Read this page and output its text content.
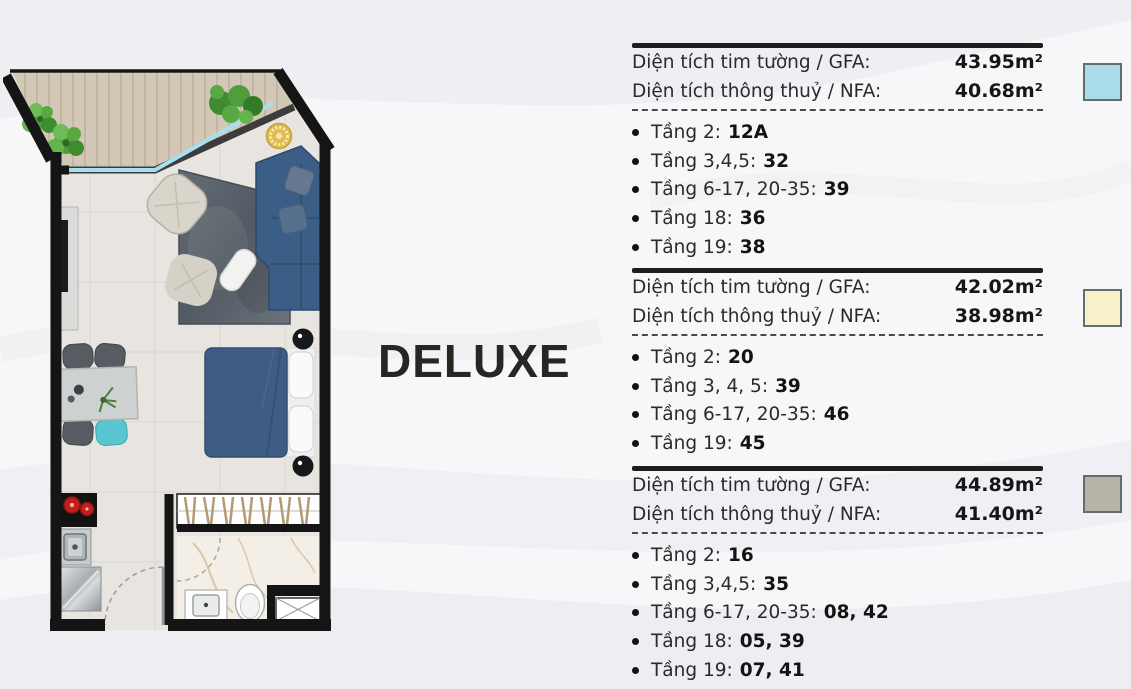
DELUXE
Diện tích tim tường / GFA:	43.95m²
Diện tích thông thuỷ / NFA:	40.68m²
Tầng 2: 12A
Tầng 3,4,5: 32
Tầng 6-17, 20-35: 39
Tầng 18: 36
Tầng 19: 38
Diện tích tim tường / GFA:	42.02m²
Diện tích thông thuỷ / NFA:	38.98m²
Tầng 2: 20
Tầng 3, 4, 5: 39
Tầng 6-17, 20-35: 46
Tầng 19: 45
Diện tích tim tường / GFA:	44.89m²
Diện tích thông thuỷ / NFA:	41.40m²
Tầng 2: 16
Tầng 3,4,5: 35
Tầng 6-17, 20-35: 08, 42
Tầng 18: 05, 39
Tầng 19: 07, 41
